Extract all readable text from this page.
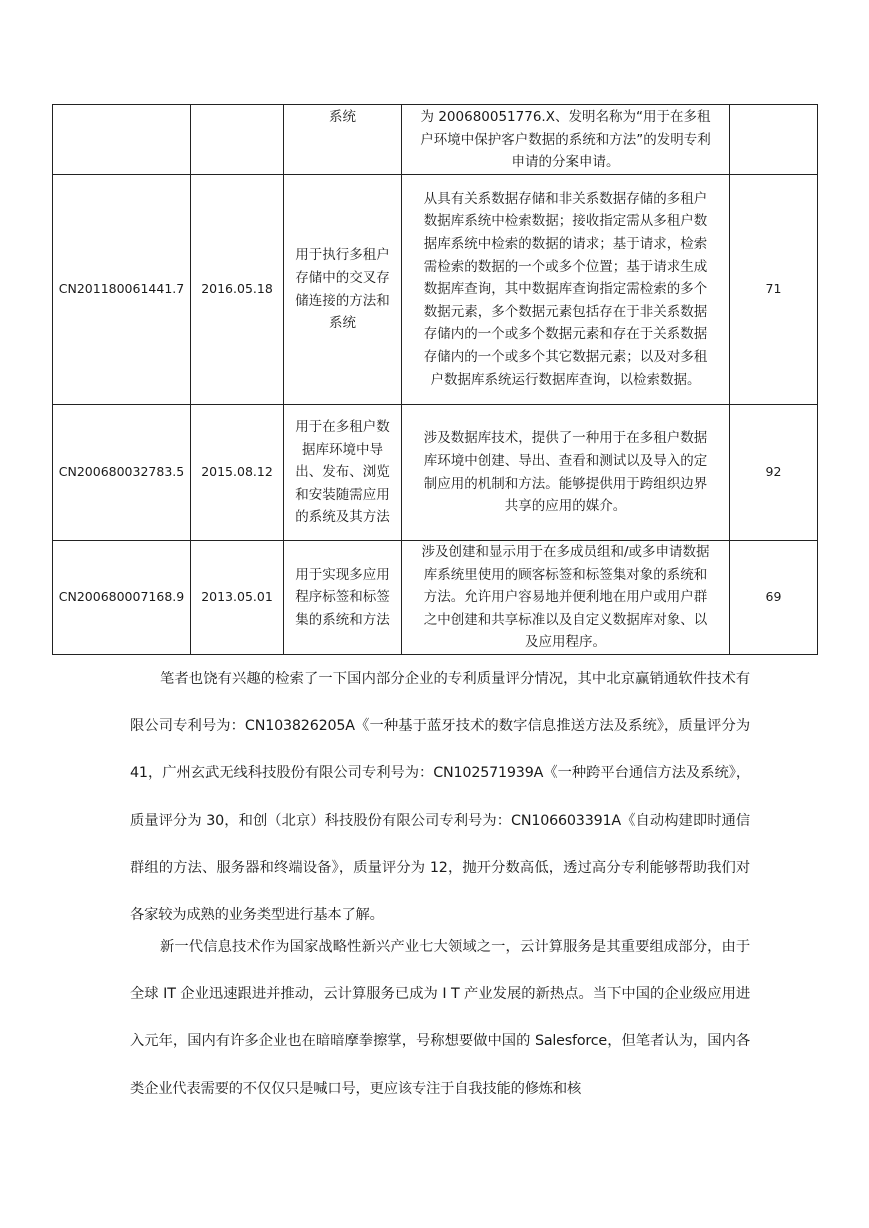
		系统	为 200680051776.X、发明名称为“用于在多租户环境中保护客户数据的系统和方法”的发明专利申请的分案申请。	
CN201180061441.7	2016.05.18	用于执行多租户存储中的交叉存储连接的方法和系统	从具有关系数据存储和非关系数据存储的多租户数据库系统中检索数据；接收指定需从多租户数据库系统中检索的数据的请求；基于请求，检索需检索的数据的一个或多个位置；基于请求生成数据库查询，其中数据库查询指定需检索的多个数据元素，多个数据元素包括存在于非关系数据存储内的一个或多个数据元素和存在于关系数据存储内的一个或多个其它数据元素；以及对多租户数据库系统运行数据库查询，以检索数据。	71
CN200680032783.5	2015.08.12	用于在多租户数据库环境中导出、发布、浏览和安装随需应用的系统及其方法	涉及数据库技术，提供了一种用于在多租户数据库环境中创建、导出、查看和测试以及导入的定制应用的机制和方法。能够提供用于跨组织边界共享的应用的媒介。	92
CN200680007168.9	2013.05.01	用于实现多应用程序标签和标签集的系统和方法	涉及创建和显示用于在多成员组和/或多申请数据库系统里使用的顾客标签和标签集对象的系统和方法。允许用户容易地并便利地在用户或用户群之中创建和共享标准以及自定义数据库对象、以及应用程序。	69

笔者也饶有兴趣的检索了一下国内部分企业的专利质量评分情况，其中北京赢销通软件技术有限公司专利号为：CN103826205A《一种基于蓝牙技术的数字信息推送方法及系统》，质量评分为 41，广州玄武无线科技股份有限公司专利号为：CN102571939A《一种跨平台通信方法及系统》，质量评分为 30，和创（北京）科技股份有限公司专利号为：CN106603391A《自动构建即时通信群组的方法、服务器和终端设备》，质量评分为 12，抛开分数高低，透过高分专利能够帮助我们对各家较为成熟的业务类型进行基本了解。

新一代信息技术作为国家战略性新兴产业七大领域之一，云计算服务是其重要组成部分，由于全球 IT 企业迅速跟进并推动，云计算服务已成为 I T 产业发展的新热点。当下中国的企业级应用进入元年，国内有许多企业也在暗暗摩拳擦掌，号称想要做中国的 Salesforce，但笔者认为，国内各类企业代表需要的不仅仅只是喊口号，更应该专注于自我技能的修炼和核
